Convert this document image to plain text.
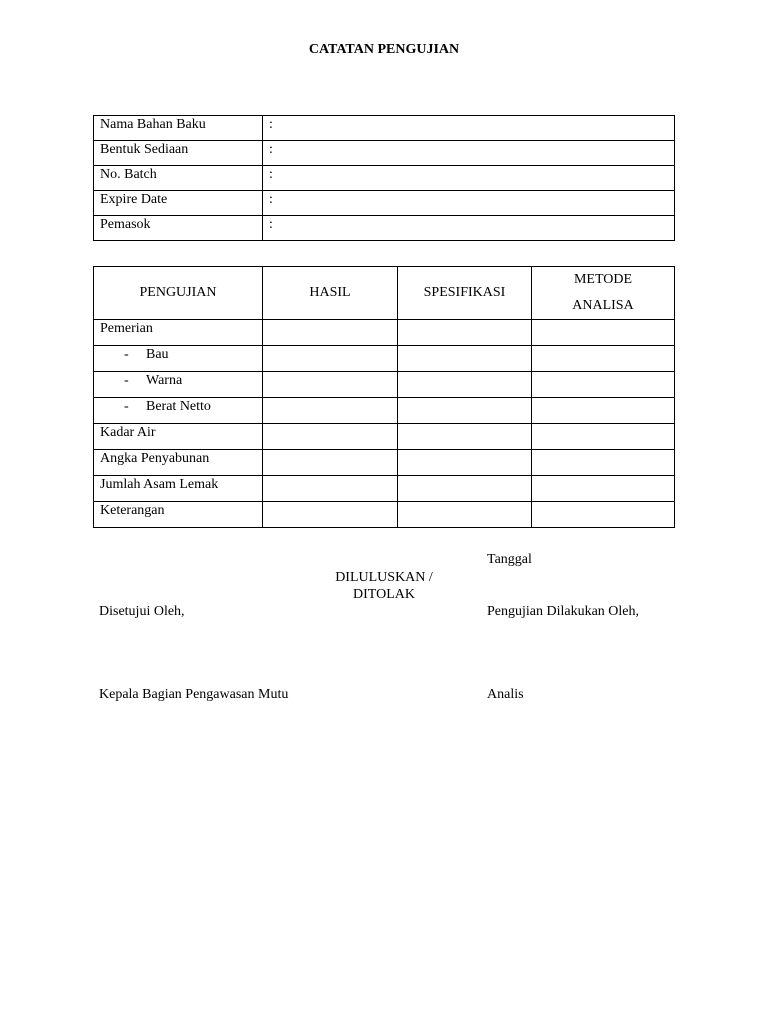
CATATAN PENGUJIAN
Nama Bahan Baku	:
Bentuk Sediaan	:
No. Batch	:
Expire Date	:
Pemasok	:
PENGUJIAN	HASIL	SPESIFIKASI	METODE
ANALISA
Pemerian			
- Bau			
- Warna			
- Berat Netto			
Kadar Air			
Angka Penyabunan			
Jumlah Asam Lemak			
Keterangan			
Tanggal
DILULUSKAN /
DITOLAK
Disetujui Oleh,	Pengujian Dilakukan Oleh,
Kepala Bagian Pengawasan Mutu	Analis
